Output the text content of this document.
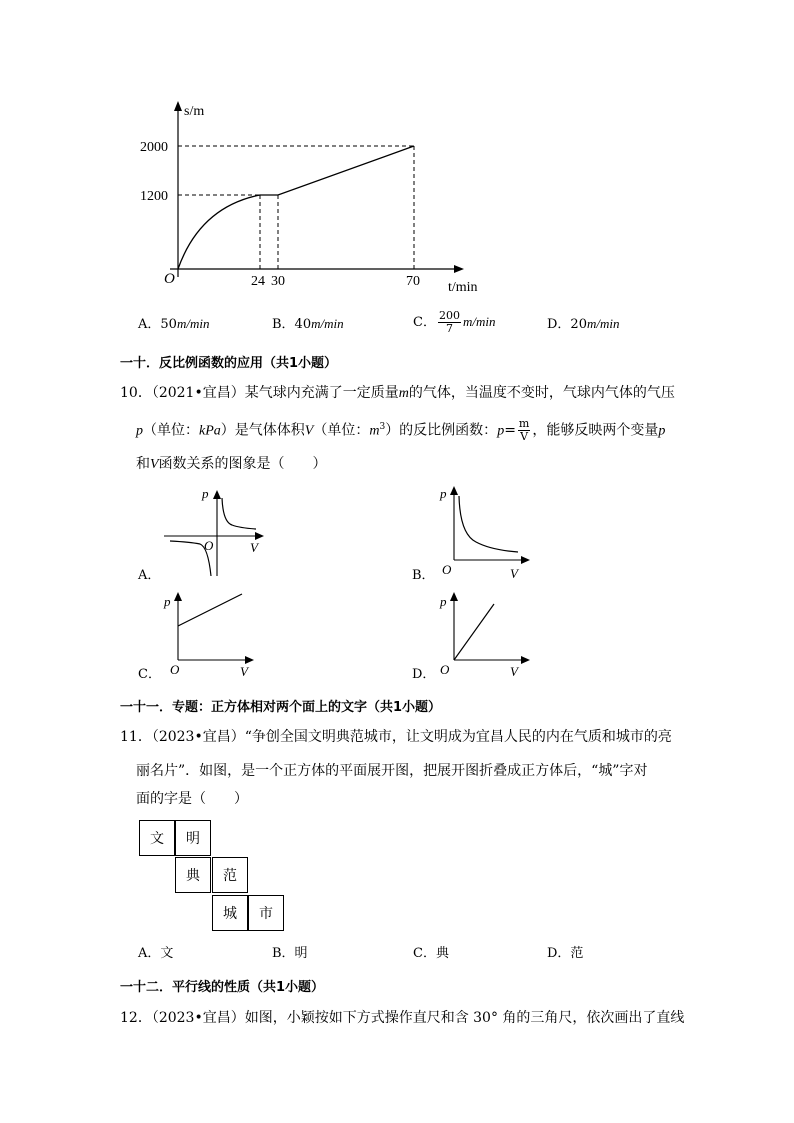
s/m
2000
1200
O	24 30	70 t/min
A．50m/min	B．40m/min	C． $\frac{200}{7} m/\min$	D．20m/min
一十．反比例函数的应用（共1小题）
10．（2021•宜昌）某气球内充满了一定质量m的气体，当温度不变时，气球内气体的气压
p（单位：kPa）是气体体积V（单位：$m^3$）的反比例函数：$p= \frac{m}{V}$ ，能够反映两个变量p
和V函数关系的图象是（　　）
p
O	V
A．
p
O	V
B．
p
O	V
C．
p
O	V
D．
一十一．专题：正方体相对两个面上的文字（共1小题）
11．（2023•宜昌）“争创全国文明典范城市，让文明成为宜昌人民的内在气质和城市的亮
丽名片”．如图，是一个正方体的平面展开图，把展开图折叠成正方体后，“城”字对
面的字是（　　）
文	明
典	范
城	市
A．文	B．明	C．典	D．范
一十二．平行线的性质（共1小题）
12．（2023•宜昌）如图，小颖按如下方式操作直尺和含 30° 角的三角尺，依次画出了直线
